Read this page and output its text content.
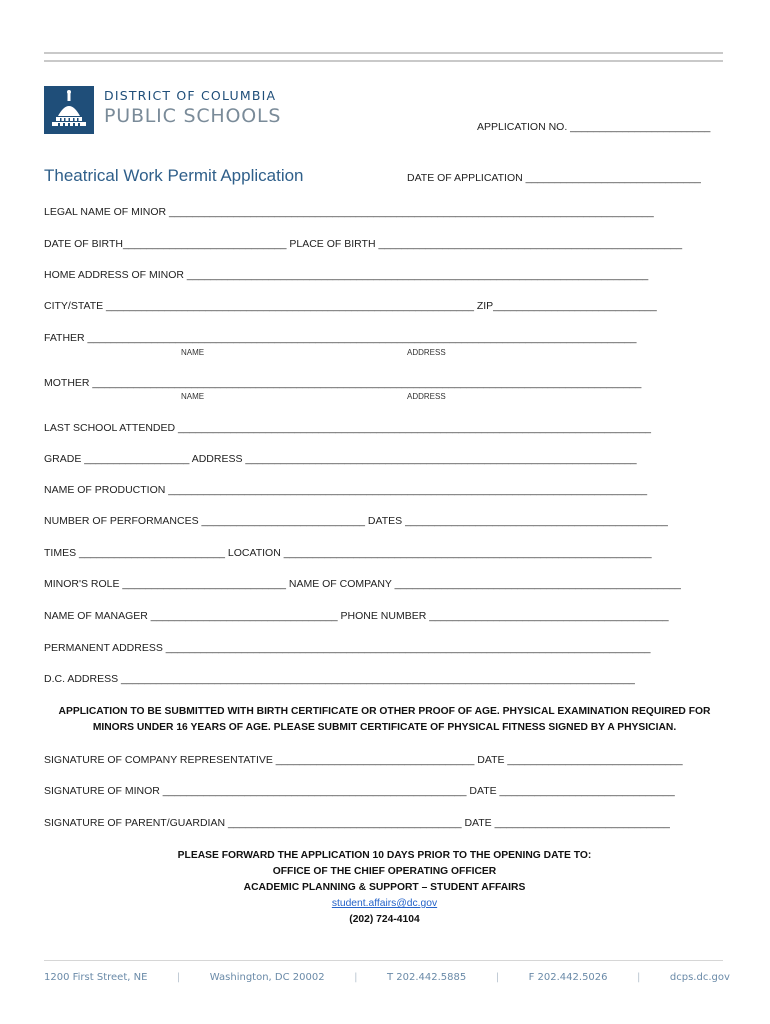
DISTRICT OF COLUMBIA
PUBLIC SCHOOLS	APPLICATION NO. ________________________
Theatrical Work Permit Application	DATE OF APPLICATION ______________________________
LEGAL NAME OF MINOR ___________________________________________________________________________________
DATE OF BIRTH____________________________ PLACE OF BIRTH ____________________________________________________
HOME ADDRESS OF MINOR _______________________________________________________________________________
CITY/STATE _______________________________________________________________ ZIP____________________________
FATHER ______________________________________________________________________________________________
NAME	ADDRESS
MOTHER ______________________________________________________________________________________________
NAME	ADDRESS
LAST SCHOOL ATTENDED _________________________________________________________________________________
GRADE __________________ ADDRESS ___________________________________________________________________
NAME OF PRODUCTION __________________________________________________________________________________
NUMBER OF PERFORMANCES ____________________________ DATES _____________________________________________
TIMES _________________________ LOCATION _______________________________________________________________
MINOR'S ROLE ____________________________ NAME OF COMPANY _________________________________________________
NAME OF MANAGER ________________________________ PHONE NUMBER _________________________________________
PERMANENT ADDRESS ___________________________________________________________________________________
D.C. ADDRESS ________________________________________________________________________________________
APPLICATION TO BE SUBMITTED WITH BIRTH CERTIFICATE OR OTHER PROOF OF AGE. PHYSICAL EXAMINATION REQUIRED FOR MINORS UNDER 16 YEARS OF AGE. PLEASE SUBMIT CERTIFICATE OF PHYSICAL FITNESS SIGNED BY A PHYSICIAN.
SIGNATURE OF COMPANY REPRESENTATIVE __________________________________ DATE ______________________________
SIGNATURE OF MINOR ____________________________________________________ DATE ______________________________
SIGNATURE OF PARENT/GUARDIAN ________________________________________ DATE ______________________________
PLEASE FORWARD THE APPLICATION 10 DAYS PRIOR TO THE OPENING DATE TO:
OFFICE OF THE CHIEF OPERATING OFFICER
ACADEMIC PLANNING & SUPPORT – STUDENT AFFAIRS
student.affairs@dc.gov
(202) 724-4104
1200 First Street, NE	|	Washington, DC 20002	|	T 202.442.5885	|	F 202.442.5026	|	dcps.dc.gov
